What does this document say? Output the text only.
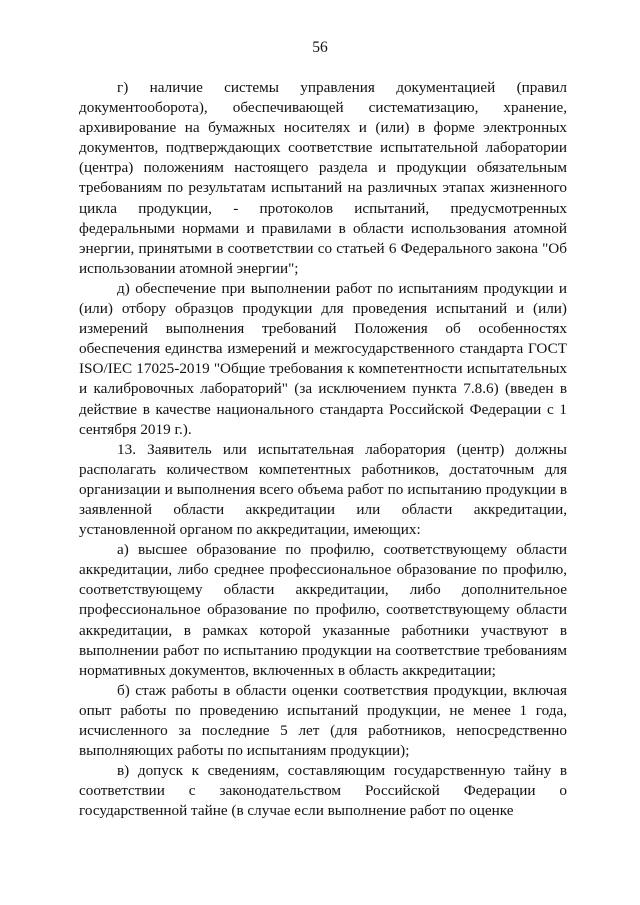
56

г) наличие системы управления документацией (правил документооборота), обеспечивающей систематизацию, хранение, архивирование на бумажных носителях и (или) в форме электронных документов, подтверждающих соответствие испытательной лаборатории (центра) положениям настоящего раздела и продукции обязательным требованиям по результатам испытаний на различных этапах жизненного цикла продукции, - протоколов испытаний, предусмотренных федеральными нормами и правилами в области использования атомной энергии, принятыми в соответствии со статьей 6 Федерального закона "Об использовании атомной энергии";

д) обеспечение при выполнении работ по испытаниям продукции и (или) отбору образцов продукции для проведения испытаний и (или) измерений выполнения требований Положения об особенностях обеспечения единства измерений и межгосударственного стандарта ГОСТ ISO/IEC 17025-2019 "Общие требования к компетентности испытательных и калибровочных лабораторий" (за исключением пункта 7.8.6) (введен в действие в качестве национального стандарта Российской Федерации с 1 сентября 2019 г.).

13. Заявитель или испытательная лаборатория (центр) должны располагать количеством компетентных работников, достаточным для организации и выполнения всего объема работ по испытанию продукции в заявленной области аккредитации или области аккредитации, установленной органом по аккредитации, имеющих:

а) высшее образование по профилю, соответствующему области аккредитации, либо среднее профессиональное образование по профилю, соответствующему области аккредитации, либо дополнительное профессиональное образование по профилю, соответствующему области аккредитации, в рамках которой указанные работники участвуют в выполнении работ по испытанию продукции на соответствие требованиям нормативных документов, включенных в область аккредитации;

б) стаж работы в области оценки соответствия продукции, включая опыт работы по проведению испытаний продукции, не менее 1 года, исчисленного за последние 5 лет (для работников, непосредственно выполняющих работы по испытаниям продукции);

в) допуск к сведениям, составляющим государственную тайну в соответствии с законодательством Российской Федерации о государственной тайне (в случае если выполнение работ по оценке
